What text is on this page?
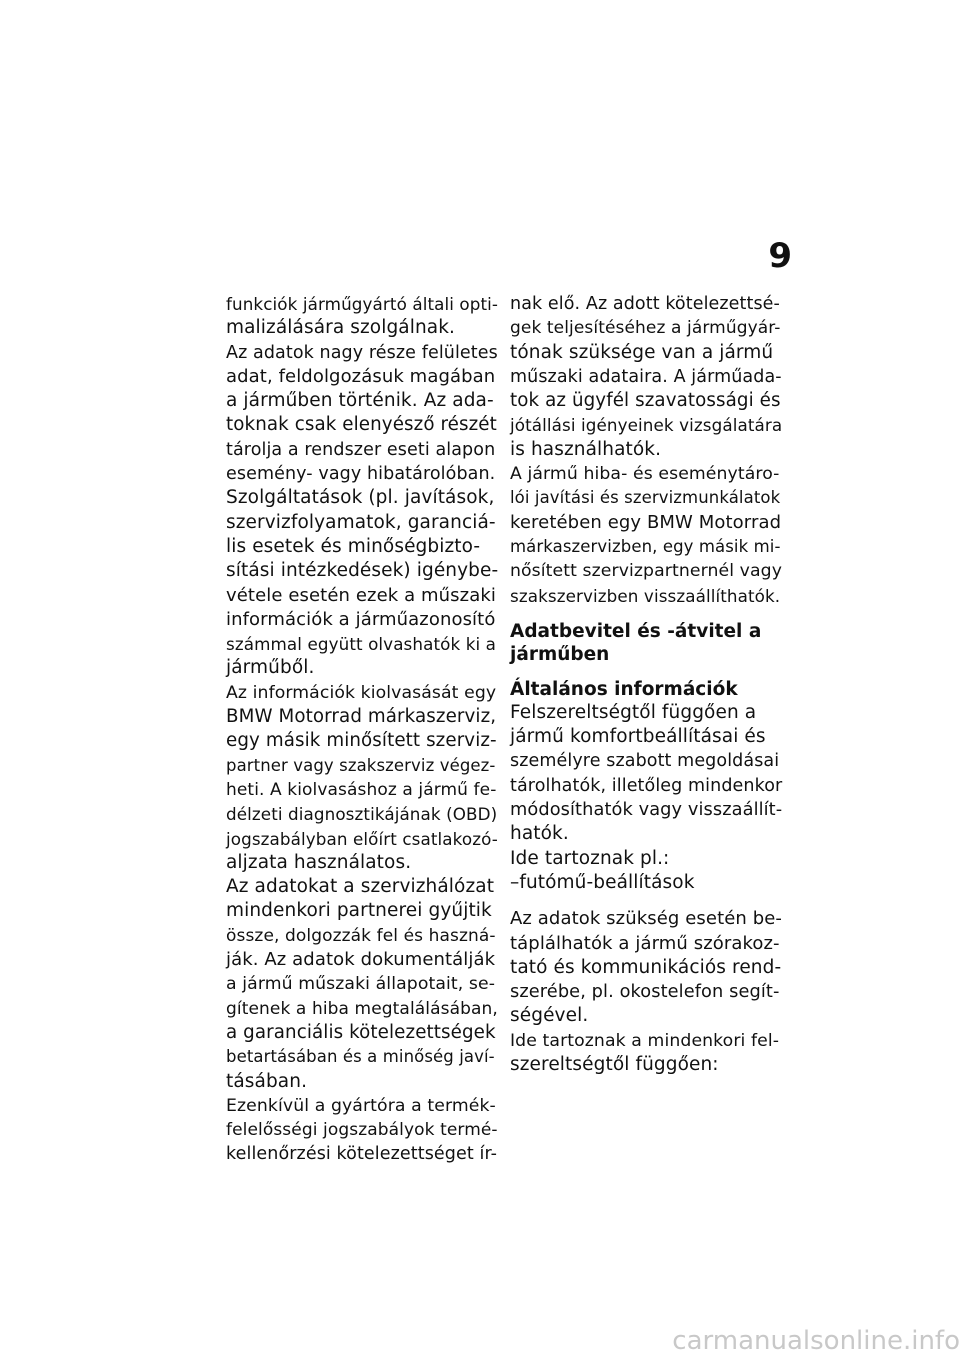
9
funkciók járműgyártó általi opti-
malizálására szolgálnak.
Az adatok nagy része felületes
adat, feldolgozásuk magában
a járműben történik. Az ada-
toknak csak elenyésző részét
tárolja a rendszer eseti alapon
esemény- vagy hibatárolóban.
Szolgáltatások (pl. javítások,
szervizfolyamatok, garanciá-
lis esetek és minőségbizto-
sítási intézkedések) igénybe-
vétele esetén ezek a műszaki
információk a járműazonosító
számmal együtt olvashatók ki a
járműből.
Az információk kiolvasását egy
BMW Motorrad márkaszerviz,
egy másik minősített szerviz-
partner vagy szakszerviz végez-
heti. A kiolvasáshoz a jármű fe-
délzeti diagnosztikájának (OBD)
jogszabályban előírt csatlakozó-
aljzata használatos.
Az adatokat a szervizhálózat
mindenkori partnerei gyűjtik
össze, dolgozzák fel és haszná-
ják. Az adatok dokumentálják
a jármű műszaki állapotait, se-
gítenek a hiba megtalálásában,
a garanciális kötelezettségek
betartásában és a minőség javí-
tásában.
Ezenkívül a gyártóra a termék-
felelősségi jogszabályok termé-
kellenőrzési kötelezettséget ír-
nak elő. Az adott kötelezettsé-
gek teljesítéséhez a járműgyár-
tónak szüksége van a jármű
műszaki adataira. A járműada-
tok az ügyfél szavatossági és
jótállási igényeinek vizsgálatára
is használhatók.
A jármű hiba- és eseménytáro-
lói javítási és szervizmunkálatok
keretében egy BMW Motorrad
márkaszervizben, egy másik mi-
nősített szervizpartnernél vagy
szakszervizben visszaállíthatók.
Adatbevitel és -átvitel a
járműben
Általános információk
Felszereltségtől függően a
jármű komfortbeállításai és
személyre szabott megoldásai
tárolhatók, illetőleg mindenkor
módosíthatók vagy visszaállít-
hatók.
Ide tartoznak pl.:
–futómű-beállítások
Az adatok szükség esetén be-
táplálhatók a jármű szórakoz-
tató és kommunikációs rend-
szerébe, pl. okostelefon segít-
ségével.
Ide tartoznak a mindenkori fel-
szereltségtől függően:
carmanualsonline.info
